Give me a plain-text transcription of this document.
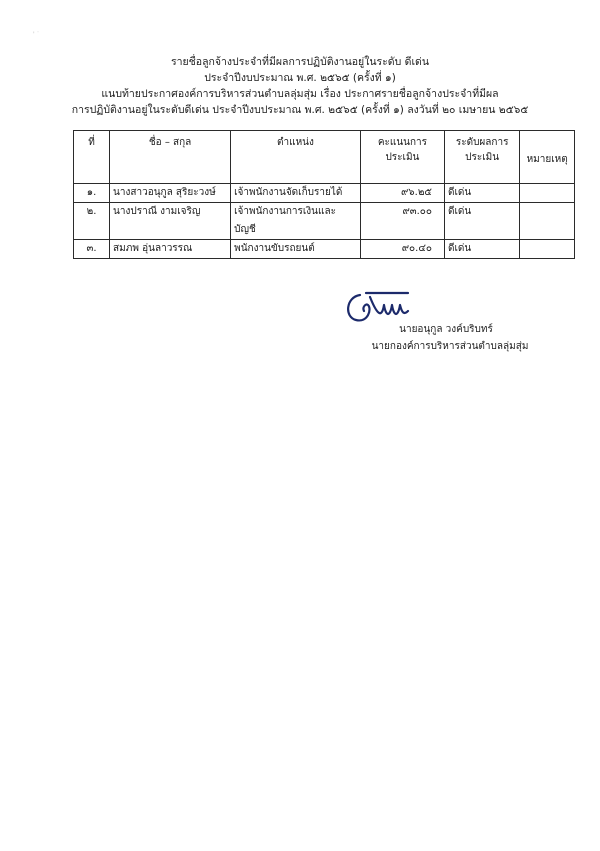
' ˙
รายชื่อลูกจ้างประจำที่มีผลการปฏิบัติงานอยู่ในระดับ ดีเด่น
ประจำปีงบประมาณ พ.ศ. ๒๕๖๕ (ครั้งที่ ๑)
แนบท้ายประกาศองค์การบริหารส่วนตำบลลุ่มสุ่ม เรื่อง ประกาศรายชื่อลูกจ้างประจำที่มีผล
การปฏิบัติงานอยู่ในระดับดีเด่น ประจำปีงบประมาณ พ.ศ. ๒๕๖๕ (ครั้งที่ ๑) ลงวันที่ ๒๐ เมษายน ๒๕๖๕
ที่	ชื่อ – สกุล	ตำแหน่ง	คะแนนการประเมิน	ระดับผลการประเมิน	หมายเหตุ
๑.	นางสาวอนุกูล สุริยะวงษ์	เจ้าพนักงานจัดเก็บรายได้	๙๖.๒๕	ดีเด่น	
๒.	นางปราณี งามเจริญ	เจ้าพนักงานการเงินและบัญชี	๙๓.๐๐	ดีเด่น	
๓.	สมภพ อุ่นลาวรรณ	พนักงานขับรถยนต์	๙๐.๔๐	ดีเด่น	
นายอนุกูล วงค์บริบทร์
นายกองค์การบริหารส่วนตำบลลุ่มสุ่ม
